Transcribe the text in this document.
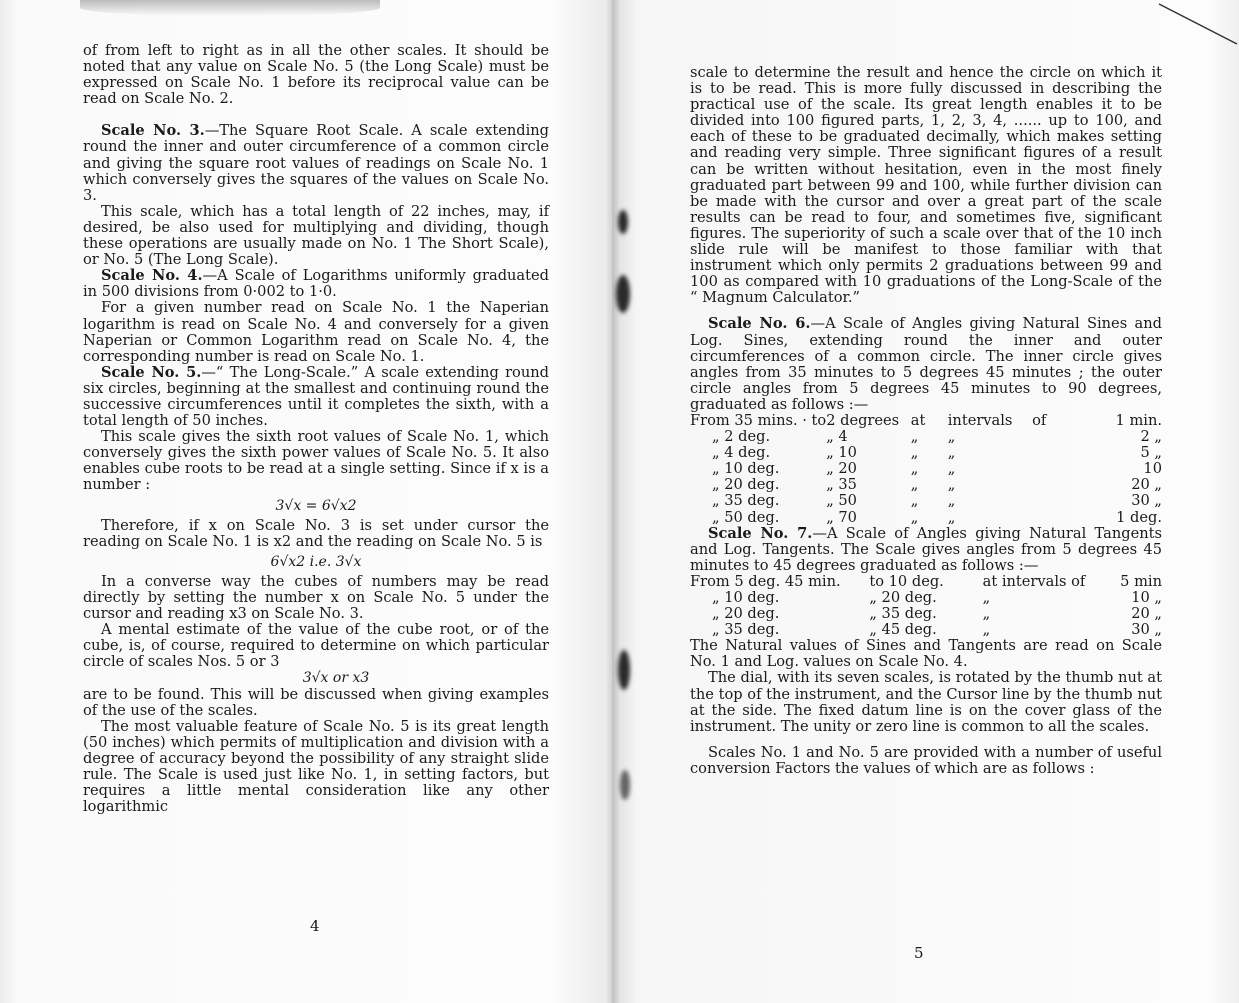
of from left to right as in all the other scales. It should be noted that any value on Scale No. 5 (the Long Scale) must be expressed on Scale No. 1 before its reciprocal value can be read on Scale No. 2.

Scale No. 3.—The Square Root Scale. A scale extending round the inner and outer circumference of a common circle and giving the square root values of readings on Scale No. 1 which conversely gives the squares of the values on Scale No. 3.

This scale, which has a total length of 22 inches, may, if desired, be also used for multiplying and dividing, though these operations are usually made on No. 1 The Short Scale), or No. 5 (The Long Scale).

Scale No. 4.—A Scale of Logarithms uniformly graduated in 500 divisions from 0·002 to 1·0.

For a given number read on Scale No. 1 the Naperian logarithm is read on Scale No. 4 and conversely for a given Naperian or Common Logarithm read on Scale No. 4, the corresponding number is read on Scale No. 1.

Scale No. 5.—“ The Long-Scale.” A scale extending round six circles, beginning at the smallest and continuing round the successive circumferences until it completes the sixth, with a total length of 50 inches.

This scale gives the sixth root values of Scale No. 1, which conversely gives the sixth power values of Scale No. 5. It also enables cube roots to be read at a single setting. Since if x is a number :

3√x = 6√x2

Therefore, if x on Scale No. 3 is set under cursor the reading on Scale No. 1 is x2 and the reading on Scale No. 5 is

6√x2 i.e. 3√x

In a converse way the cubes of numbers may be read directly by setting the number x on Scale No. 5 under the cursor and reading x3 on Scale No. 3.

A mental estimate of the value of the cube root, or of the cube, is, of course, required to determine on which particular circle of scales Nos. 5 or 3

3√x or x3

are to be found. This will be discussed when giving examples of the use of the scales.

The most valuable feature of Scale No. 5 is its great length (50 inches) which permits of multiplication and division with a degree of accuracy beyond the possibility of any straight slide rule. The Scale is used just like No. 1, in setting factors, but requires a little mental consideration like any other logarithmic

4

scale to determine the result and hence the circle on which it is to be read. This is more fully discussed in describing the practical use of the scale. Its great length enables it to be divided into 100 figured parts, 1, 2, 3, 4, ...... up to 100, and each of these to be graduated decimally, which makes setting and reading very simple. Three significant figures of a result can be written without hesitation, even in the most finely graduated part between 99 and 100, while further division can be made with the cursor and over a great part of the scale results can be read to four, and sometimes five, significant figures. The superiority of such a scale over that of the 10 inch slide rule will be manifest to those familiar with that instrument which only permits 2 graduations between 99 and 100 as compared with 10 graduations of the Long-Scale of the “ Magnum Calculator.”

Scale No. 6.—A Scale of Angles giving Natural Sines and Log. Sines, extending round the inner and outer circumferences of a common circle. The inner circle gives angles from 35 minutes to 5 degrees 45 minutes ; the outer circle angles from 5 degrees 45 minutes to 90 degrees, graduated as follows :—

From 35 mins. · to	2 degrees	at	intervals	of	1 min.
„ 2 deg.	„ 4	„	„		2 „
„ 4 deg.	„ 10	„	„		5 „
„ 10 deg.	„ 20	„	„		10
„ 20 deg.	„ 35	„	„		20 „
„ 35 deg.	„ 50	„	„		30 „
„ 50 deg.	„ 70	„	„		1 deg.

Scale No. 7.—A Scale of Angles giving Natural Tangents and Log. Tangents. The Scale gives angles from 5 degrees 45 minutes to 45 degrees graduated as follows :—

From 5 deg. 45 min.	to 10 deg.	at intervals of	5 min
„ 10 deg.	„ 20 deg.	„	10 „
„ 20 deg.	„ 35 deg.	„	20 „
„ 35 deg.	„ 45 deg.	„	30 „

The Natural values of Sines and Tangents are read on Scale No. 1 and Log. values on Scale No. 4.

The dial, with its seven scales, is rotated by the thumb nut at the top of the instrument, and the Cursor line by the thumb nut at the side. The fixed datum line is on the cover glass of the instrument. The unity or zero line is common to all the scales.

Scales No. 1 and No. 5 are provided with a number of useful conversion Factors the values of which are as follows :

5
